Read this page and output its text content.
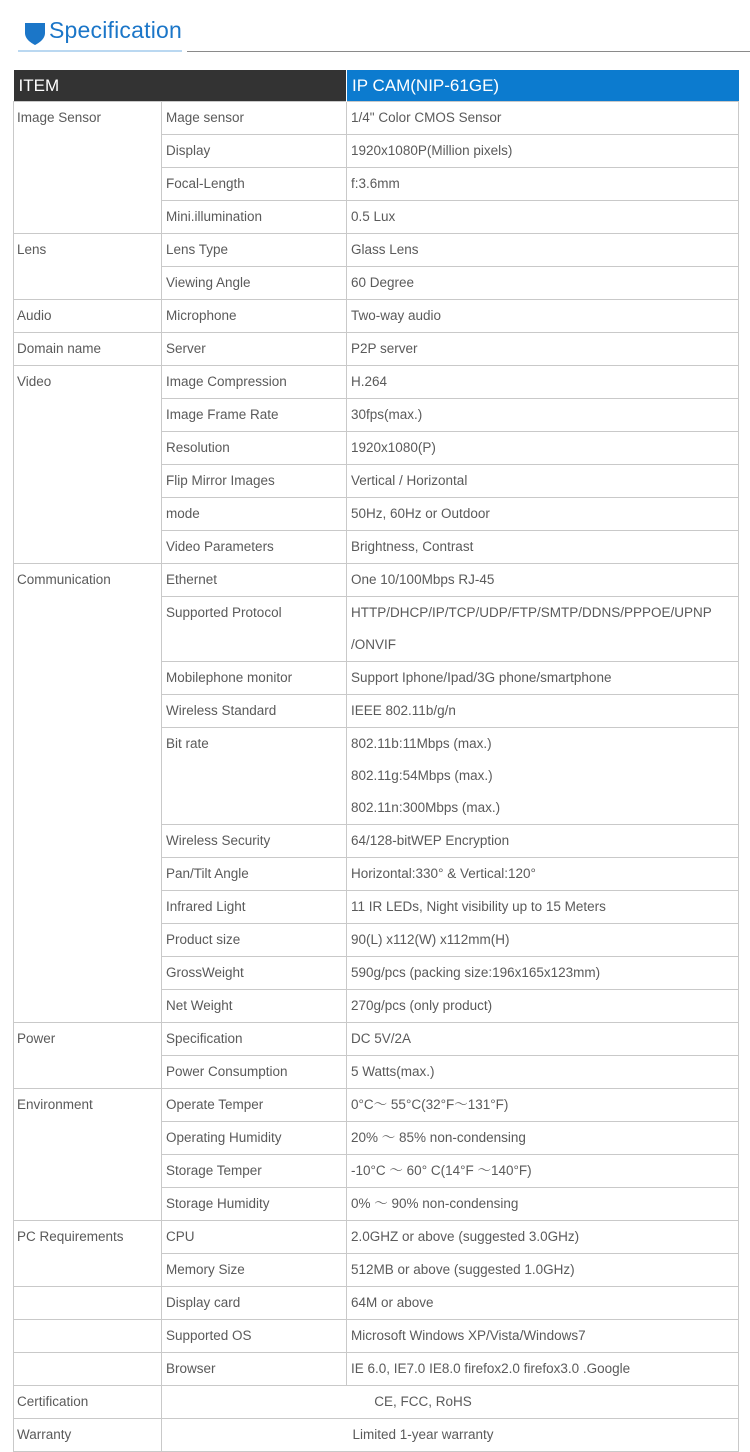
Specification
ITEM		IP CAM(NIP-61GE)
Image Sensor	Mage sensor	1/4" Color CMOS Sensor
	Display	1920x1080P(Million pixels)
	Focal-Length	f:3.6mm
	Mini.illumination	0.5 Lux
Lens	Lens Type	Glass Lens
	Viewing Angle	60 Degree
Audio	Microphone	Two-way audio
Domain name	Server	P2P server
Video	Image Compression	H.264
	Image Frame Rate	30fps(max.)
	Resolution	1920x1080(P)
	Flip Mirror Images	Vertical / Horizontal
	mode	50Hz, 60Hz or Outdoor
	Video Parameters	Brightness, Contrast
Communication	Ethernet	One 10/100Mbps RJ-45
	Supported Protocol	HTTP/DHCP/IP/TCP/UDP/FTP/SMTP/DDNS/PPPOE/UPNP /ONVIF
	Mobilephone monitor	Support Iphone/Ipad/3G phone/smartphone
	Wireless Standard	IEEE 802.11b/g/n
	Bit rate	802.11b:11Mbps (max.)
802.11g:54Mbps (max.)
802.11n:300Mbps (max.)

	Wireless Security	64/128-bitWEP Encryption
	Pan/Tilt Angle	Horizontal:330° & Vertical:120°
	Infrared Light	11 IR LEDs, Night visibility up to 15 Meters
	Product size	90(L) x112(W) x112mm(H)
	GrossWeight	590g/pcs (packing size:196x165x123mm)
	Net Weight	270g/pcs (only product)
Power	Specification	DC 5V/2A
	Power Consumption	5 Watts(max.)
Environment	Operate Temper	0°C～ 55°C(32°F～131°F)
	Operating Humidity	20% ～ 85% non-condensing
	Storage Temper	-10°C ～ 60° C(14°F ～140°F)
	Storage Humidity	0% ～ 90% non-condensing
PC Requirements	CPU	2.0GHZ or above (suggested 3.0GHz)
	Memory Size	512MB or above (suggested 1.0GHz)
	Display card	64M or above
	Supported OS	Microsoft Windows XP/Vista/Windows7
	Browser	IE 6.0, IE7.0 IE8.0 firefox2.0 firefox3.0 .Google
Certification	CE, FCC, RoHS	
Warranty	Limited 1-year warranty	
